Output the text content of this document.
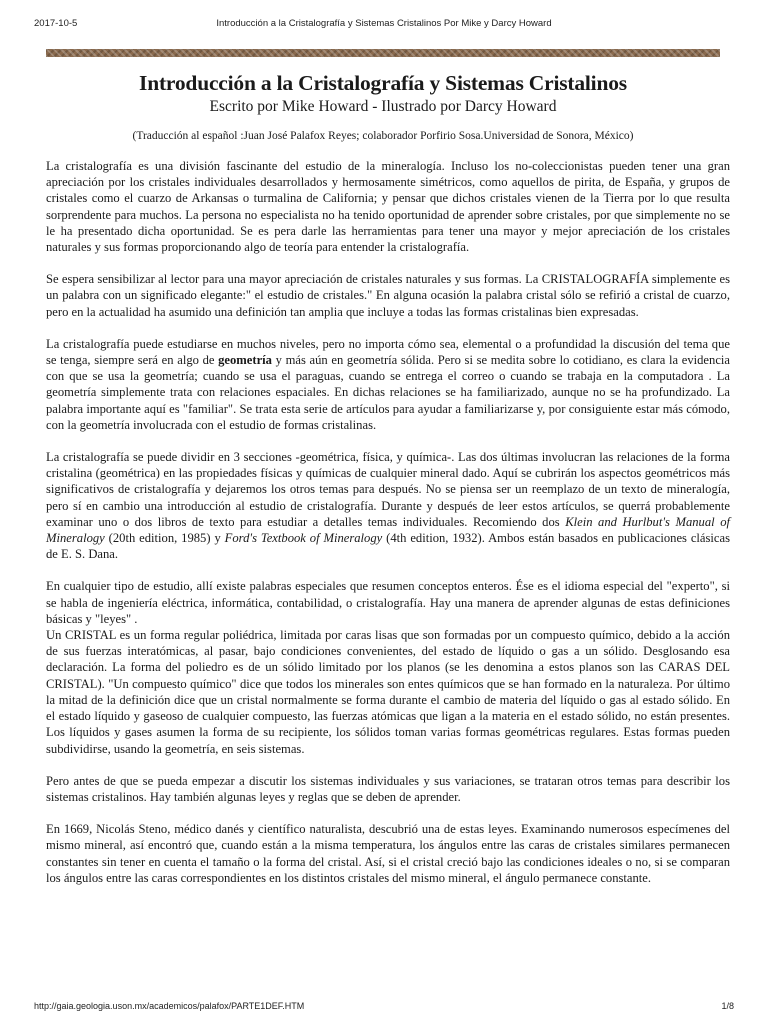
2017-10-5	Introducción a la Cristalografía y Sistemas Cristalinos Por Mike y Darcy Howard
Introducción a la Cristalografía y Sistemas Cristalinos

Escrito por Mike Howard - Ilustrado por Darcy Howard

(Traducción al español :Juan José Palafox Reyes; colaborador Porfirio Sosa.Universidad de Sonora, México)

La cristalografía es una división fascinante del estudio de la mineralogía. Incluso los no-coleccionistas pueden tener una gran apreciación por los cristales individuales desarrollados y hermosamente simétricos, como aquellos de pirita, de España, y grupos de cristales como el cuarzo de Arkansas o turmalina de California; y pensar que dichos cristales vienen de la Tierra por lo que resulta sorprendente para muchos. La persona no especialista no ha tenido oportunidad de aprender sobre cristales, por que simplemente no se le ha presentado dicha oportunidad. Se es pera darle las herramientas para tener una mayor y mejor apreciación de los cristales naturales y sus formas proporcionando algo de teoría para entender la cristalografía.

Se espera sensibilizar al lector para una mayor apreciación de cristales naturales y sus formas. La CRISTALOGRAFÍA simplemente es un palabra con un significado elegante:" el estudio de cristales." En alguna ocasión la palabra cristal sólo se refirió a cristal de cuarzo, pero en la actualidad ha asumido una definición tan amplia que incluye a todas las formas cristalinas bien expresadas.

La cristalografía puede estudiarse en muchos niveles, pero no importa cómo sea, elemental o a profundidad la discusión del tema que se tenga, siempre será en algo de geometría y más aún en geometría sólida. Pero si se medita sobre lo cotidiano, es clara la evidencia con que se usa la geometría; cuando se usa el paraguas, cuando se entrega el correo o cuando se trabaja en la computadora . La geometría simplemente trata con relaciones espaciales. En dichas relaciones se ha familiarizado, aunque no se ha profundizado. La palabra importante aquí es "familiar". Se trata esta serie de artículos para ayudar a familiarizarse y, por consiguiente estar más cómodo, con la geometría involucrada con el estudio de formas cristalinas.

La cristalografía se puede dividir en 3 secciones -geométrica, física, y química-. Las dos últimas involucran las relaciones de la forma cristalina (geométrica) en las propiedades físicas y químicas de cualquier mineral dado. Aquí se cubrirán los aspectos geométricos más significativos de cristalografía y dejaremos los otros temas para después. No se piensa ser un reemplazo de un texto de mineralogía, pero sí en cambio una introducción al estudio de cristalografía. Durante y después de leer estos artículos, se querrá probablemente examinar uno o dos libros de texto para estudiar a detalles temas individuales. Recomiendo dos Klein and Hurlbut's Manual of Mineralogy (20th edition, 1985) y Ford's Textbook of Mineralogy (4th edition, 1932). Ambos están basados en publicaciones clásicas de E. S. Dana.

En cualquier tipo de estudio, allí existe palabras especiales que resumen conceptos enteros. Ése es el idioma especial del "experto", si se habla de ingeniería eléctrica, informática, contabilidad, o cristalografía. Hay una manera de aprender algunas de estas definiciones básicas y "leyes" .

Un CRISTAL es un forma regular poliédrica, limitada por caras lisas que son formadas por un compuesto químico, debido a la acción de sus fuerzas interatómicas, al pasar, bajo condiciones convenientes, del estado de líquido o gas a un sólido. Desglosando esa declaración. La forma del poliedro es de un sólido limitado por los planos (se les denomina a estos planos son las CARAS DEL CRISTAL). "Un compuesto químico" dice que todos los minerales son entes químicos que se han formado en la naturaleza. Por último la mitad de la definición dice que un cristal normalmente se forma durante el cambio de materia del líquido o gas al estado sólido. En el estado líquido y gaseoso de cualquier compuesto, las fuerzas atómicas que ligan a la materia en el estado sólido, no están presentes. Los líquidos y gases asumen la forma de su recipiente, los sólidos toman varias formas geométricas regulares. Estas formas pueden subdividirse, usando la geometría, en seis sistemas.

Pero antes de que se pueda empezar a discutir los sistemas individuales y sus variaciones, se trataran otros temas para describir los sistemas cristalinos. Hay también algunas leyes y reglas que se deben de aprender.

En 1669, Nicolás Steno, médico danés y científico naturalista, descubrió una de estas leyes. Examinando numerosos especímenes del mismo mineral, así encontró que, cuando están a la misma temperatura, los ángulos entre las caras de cristales similares permanecen constantes sin tener en cuenta el tamaño o la forma del cristal. Así, si el cristal creció bajo las condiciones ideales o no, si se comparan los ángulos entre las caras correspondientes en los distintos cristales del mismo mineral, el ángulo permanece constante.

http://gaia.geologia.uson.mx/academicos/palafox/PARTE1DEF.HTM	1/8
